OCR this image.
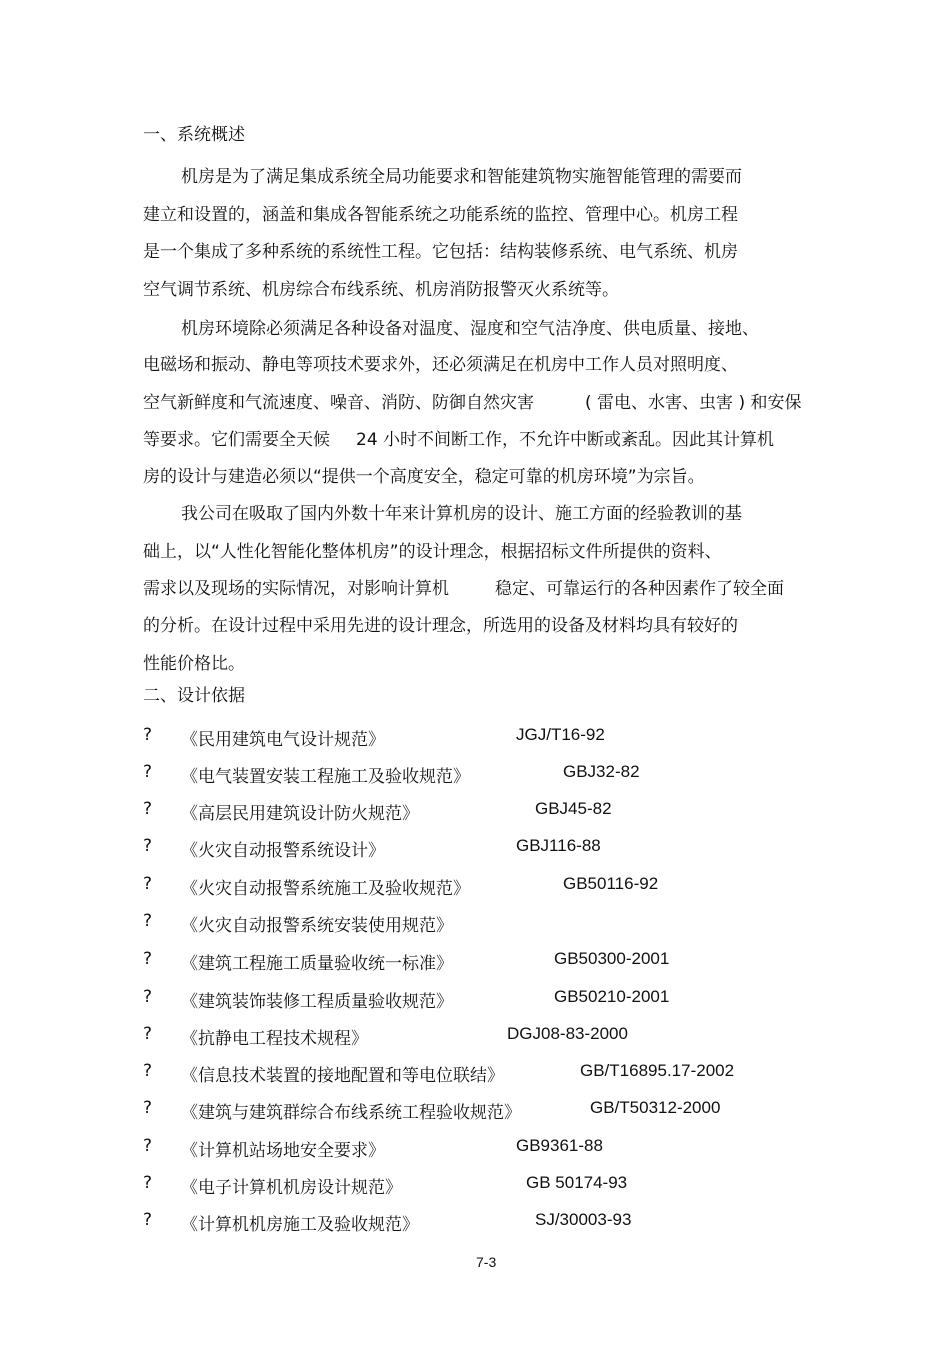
一、系统概述
机房是为了满足集成系统全局功能要求和智能建筑物实施智能管理的需要而
建立和设置的，涵盖和集成各智能系统之功能系统的监控、管理中心。机房工程
是一个集成了多种系统的系统性工程。它包括：结构装修系统、电气系统、机房
空气调节系统、机房综合布线系统、机房消防报警灭火系统等。
机房环境除必须满足各种设备对温度、湿度和空气洁净度、供电质量、接地、
电磁场和振动、静电等项技术要求外，还必须满足在机房中工作人员对照明度、
空气新鲜度和气流速度、噪音、消防、防御自然灾害	( 雷电、水害、虫害 ) 和安保
等要求。它们需要全天候 24 小时不间断工作，不允许中断或紊乱。因此其计算机
房的设计与建造必须以“提供一个高度安全，稳定可靠的机房环境”为宗旨。
我公司在吸取了国内外数十年来计算机房的设计、施工方面的经验教训的基
础上，以“人性化智能化整体机房”的设计理念，根据招标文件所提供的资料、
需求以及现场的实际情况，对影响计算机	稳定、可靠运行的各种因素作了较全面
的分析。在设计过程中采用先进的设计理念，所选用的设备及材料均具有较好的
性能价格比。
二、设计依据
? 《民用建筑电气设计规范》	JGJ/T16-92
? 《电气装置安装工程施工及验收规范》	GBJ32-82
? 《高层民用建筑设计防火规范》	GBJ45-82
? 《火灾自动报警系统设计》	GBJ116-88
? 《火灾自动报警系统施工及验收规范》	GB50116-92
? 《火灾自动报警系统安装使用规范》
? 《建筑工程施工质量验收统一标准》	GB50300-2001
? 《建筑装饰装修工程质量验收规范》	GB50210-2001
? 《抗静电工程技术规程》	DGJ08-83-2000
? 《信息技术装置的接地配置和等电位联结》	GB/T16895.17-2002
? 《建筑与建筑群综合布线系统工程验收规范》	GB/T50312-2000
? 《计算机站场地安全要求》	GB9361-88
? 《电子计算机机房设计规范》	GB 50174-93
? 《计算机机房施工及验收规范》	SJ/30003-93
7-3
